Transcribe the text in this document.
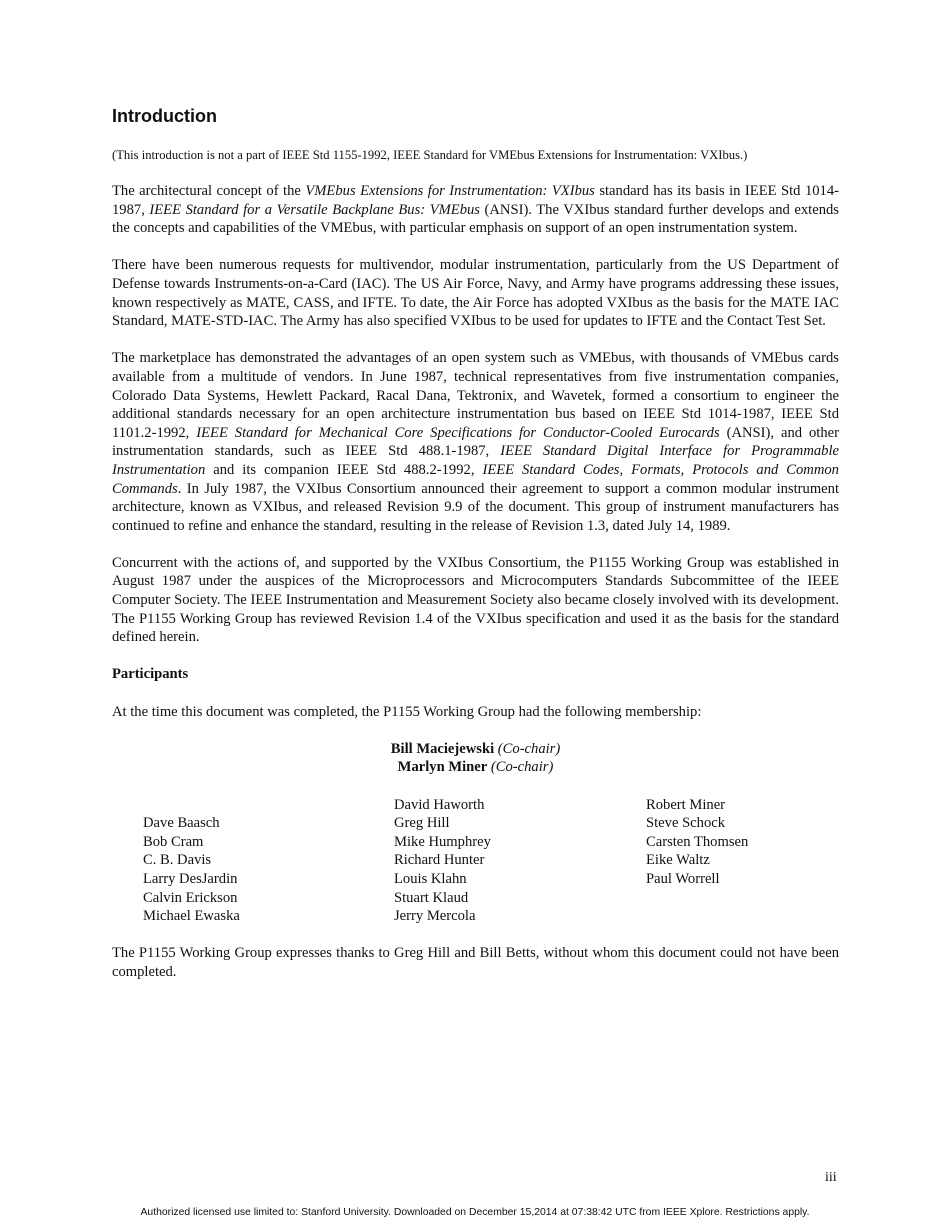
Introduction
(This introduction is not a part of IEEE Std 1155-1992, IEEE Standard for VMEbus Extensions for Instrumentation: VXIbus.)

The architectural concept of the VMEbus Extensions for Instrumentation: VXIbus standard has its basis in IEEE Std 1014-1987, IEEE Standard for a Versatile Backplane Bus: VMEbus (ANSI). The VXIbus standard further develops and extends the concepts and capabilities of the VMEbus, with particular emphasis on support of an open instrumentation system.

There have been numerous requests for multivendor, modular instrumentation, particularly from the US Department of Defense towards Instruments-on-a-Card (IAC). The US Air Force, Navy, and Army have programs addressing these issues, known respectively as MATE, CASS, and IFTE. To date, the Air Force has adopted VXIbus as the basis for the MATE IAC Standard, MATE-STD-IAC. The Army has also specified VXIbus to be used for updates to IFTE and the Contact Test Set.

The marketplace has demonstrated the advantages of an open system such as VMEbus, with thousands of VMEbus cards available from a multitude of vendors. In June 1987, technical representatives from five instrumentation companies, Colorado Data Systems, Hewlett Packard, Racal Dana, Tektronix, and Wavetek, formed a consortium to engineer the additional standards necessary for an open architecture instrumentation bus based on IEEE Std 1014-1987, IEEE Std 1101.2-1992, IEEE Standard for Mechanical Core Specifications for Conductor-Cooled Eurocards (ANSI), and other instrumentation standards, such as IEEE Std 488.1-1987, IEEE Standard Digital Interface for Programmable Instrumentation and its companion IEEE Std 488.2-1992, IEEE Standard Codes, Formats, Protocols and Common Commands. In July 1987, the VXIbus Consortium announced their agreement to support a common modular instrument architecture, known as VXIbus, and released Revision 9.9 of the document. This group of instrument manufacturers has continued to refine and enhance the standard, resulting in the release of Revision 1.3, dated July 14, 1989.

Concurrent with the actions of, and supported by the VXIbus Consortium, the P1155 Working Group was established in August 1987 under the auspices of the Microprocessors and Microcomputers Standards Subcommittee of the IEEE Computer Society. The IEEE Instrumentation and Measurement Society also became closely involved with its development. The P1155 Working Group has reviewed Revision 1.4 of the VXIbus specification and used it as the basis for the standard defined herein.

Participants

At the time this document was completed, the P1155 Working Group had the following membership:

Bill Maciejewski (Co-chair)
Marlyn Miner (Co-chair)
Dave Baasch
Bob Cram
C. B. Davis
Larry DesJardin
Calvin Erickson
Michael Ewaska
David Haworth
Greg Hill
Mike Humphrey
Richard Hunter
Louis Klahn
Stuart Klaud
Jerry Mercola
Robert Miner
Steve Schock
Carsten Thomsen
Eike Waltz
Paul Worrell

The P1155 Working Group expresses thanks to Greg Hill and Bill Betts, without whom this document could not have been completed.

iii
Authorized licensed use limited to: Stanford University. Downloaded on December 15,2014 at 07:38:42 UTC from IEEE Xplore. Restrictions apply.
